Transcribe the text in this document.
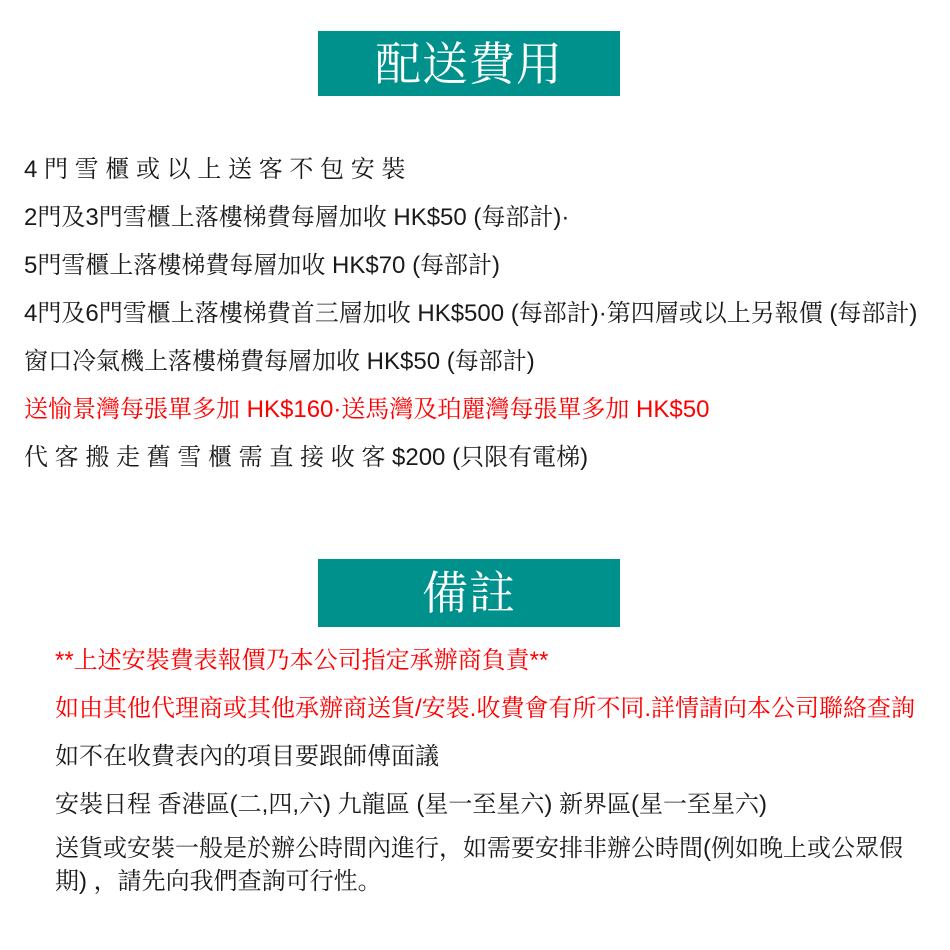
配送費用
4 門 雪 櫃 或 以 上 送 客 不 包 安 裝
2門及3門雪櫃上落樓梯費每層加收 HK$50 (每部計)·
5門雪櫃上落樓梯費每層加收 HK$70 (每部計)
4門及6門雪櫃上落樓梯費首三層加收 HK$500 (每部計)·第四層或以上另報價 (每部計)
窗口冷氣機上落樓梯費每層加收 HK$50 (每部計)
送愉景灣每張單多加 HK$160·送馬灣及珀麗灣每張單多加 HK$50
代 客 搬 走 舊 雪 櫃 需 直 接 收 客 $200 (只限有電梯)
備註
**上述安裝費表報價乃本公司指定承辦商負責**
如由其他代理商或其他承辦商送貨/安裝.收費會有所不同.詳情請向本公司聯絡查詢
如不在收費表內的項目要跟師傅面議
安裝日程 香港區(二,四,六) 九龍區 (星一至星六) 新界區(星一至星六)
送貨或安裝一般是於辦公時間內進行，如需要安排非辦公時間(例如晚上或公眾假期) ，請先向我們查詢可行性。
